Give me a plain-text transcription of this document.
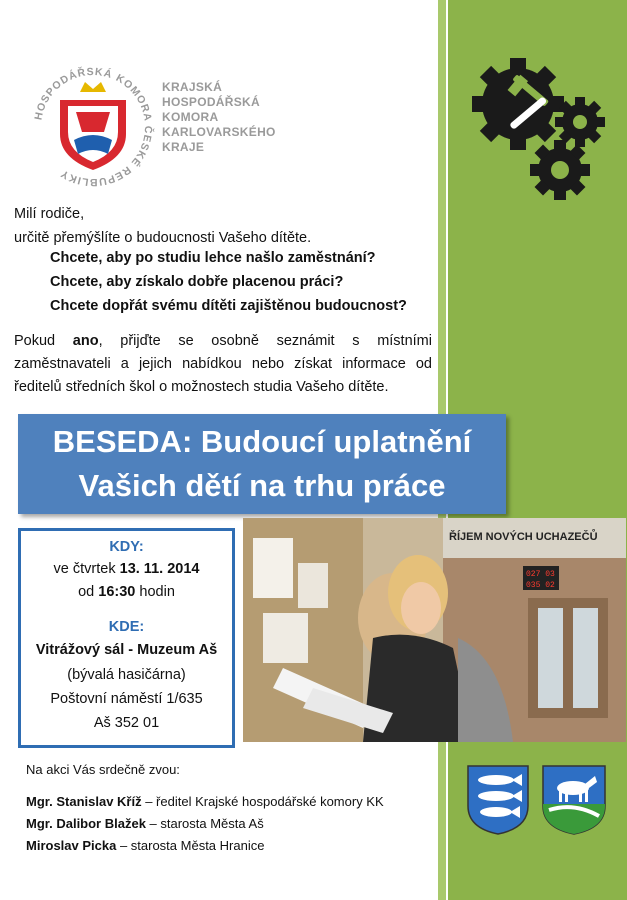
HOSPODÁŘSKÁ KOMORA ČESKÉ REPUBLIKY
KRAJSKÁ
HOSPODÁŘSKÁ
KOMORA
KARLOVARSKÉHO
KRAJE
Milí rodiče,
určitě přemýšlíte o budoucnosti Vašeho dítěte.
Chcete, aby po studiu lehce našlo zaměstnání?
Chcete, aby získalo dobře placenou práci?
Chcete dopřát svému dítěti zajištěnou budoucnost?
Pokud ano, přijďte se osobně seznámit s místními zaměstnavateli a jejich nabídkou nebo získat informace od ředitelů středních škol o možnostech studia Vašeho dítěte.
BESEDA: Budoucí uplatnění
Vašich dětí na trhu práce
KDY:
ve čtvrtek 13. 11. 2014
od 16:30 hodin
KDE:
Vitrážový sál - Muzeum Aš
(bývalá hasičárna)
Poštovní náměstí 1/635
Aš 352 01
ŘÍJEM NOVÝCH UCHAZEČŮ
027 03
035 02
Na akci Vás srdečně zvou:
Mgr. Stanislav Kříž – ředitel Krajské hospodářské komory KK
Mgr. Dalibor Blažek – starosta Města Aš
Miroslav Picka – starosta Města Hranice
